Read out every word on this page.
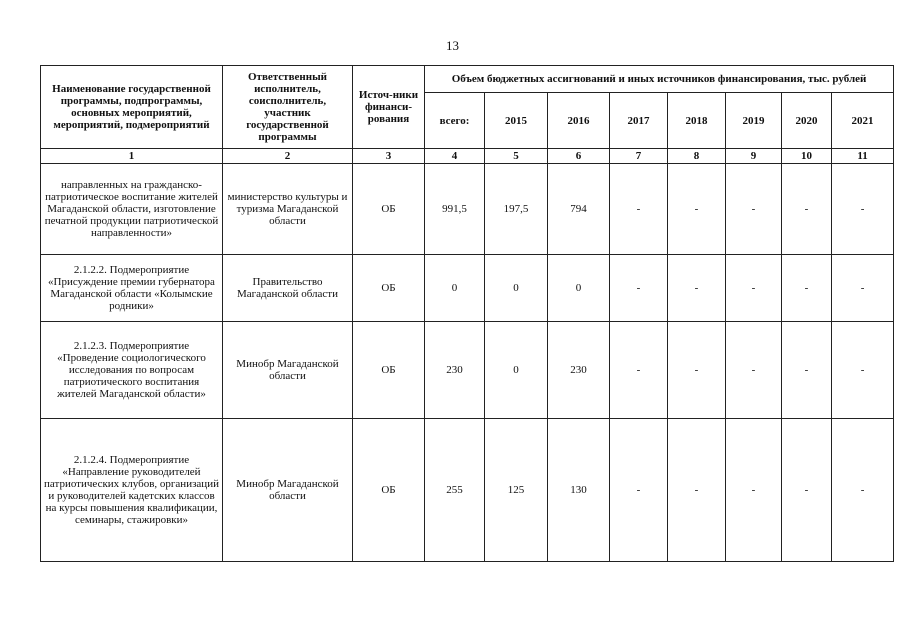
13
Наименование государственной программы, подпрограммы, основных мероприятий, мероприятий, подмероприятий	Ответственный исполнитель, соисполнитель, участник государственной программы	Источ-ники финанси-рования	Объем бюджетных ассигнований и иных источников финансирования, тыс. рублей							
			всего:	2015	2016	2017	2018	2019	2020	2021
1	2	3	4	5	6	7	8	9	10	11
направленных на гражданско-патриотическое воспитание жителей Магаданской области, изготовление печатной продукции патриотической направленности»	министерство культуры и туризма Магаданской области	ОБ	991,5	197,5	794	-	-	-	-	-
2.1.2.2. Подмероприятие «Присуждение премии губернатора Магаданской области «Колымские родники»	Правительство Магаданской области	ОБ	0	0	0	-	-	-	-	-
2.1.2.3. Подмероприятие «Проведение социологического исследования по вопросам патриотического воспитания жителей Магаданской области»	Минобр Магаданской области	ОБ	230	0	230	-	-	-	-	-
2.1.2.4. Подмероприятие «Направление руководителей патриотических клубов, организаций и руководителей кадетских классов на курсы повышения квалификации, семинары, стажировки»	Минобр Магаданской области	ОБ	255	125	130	-	-	-	-	-
